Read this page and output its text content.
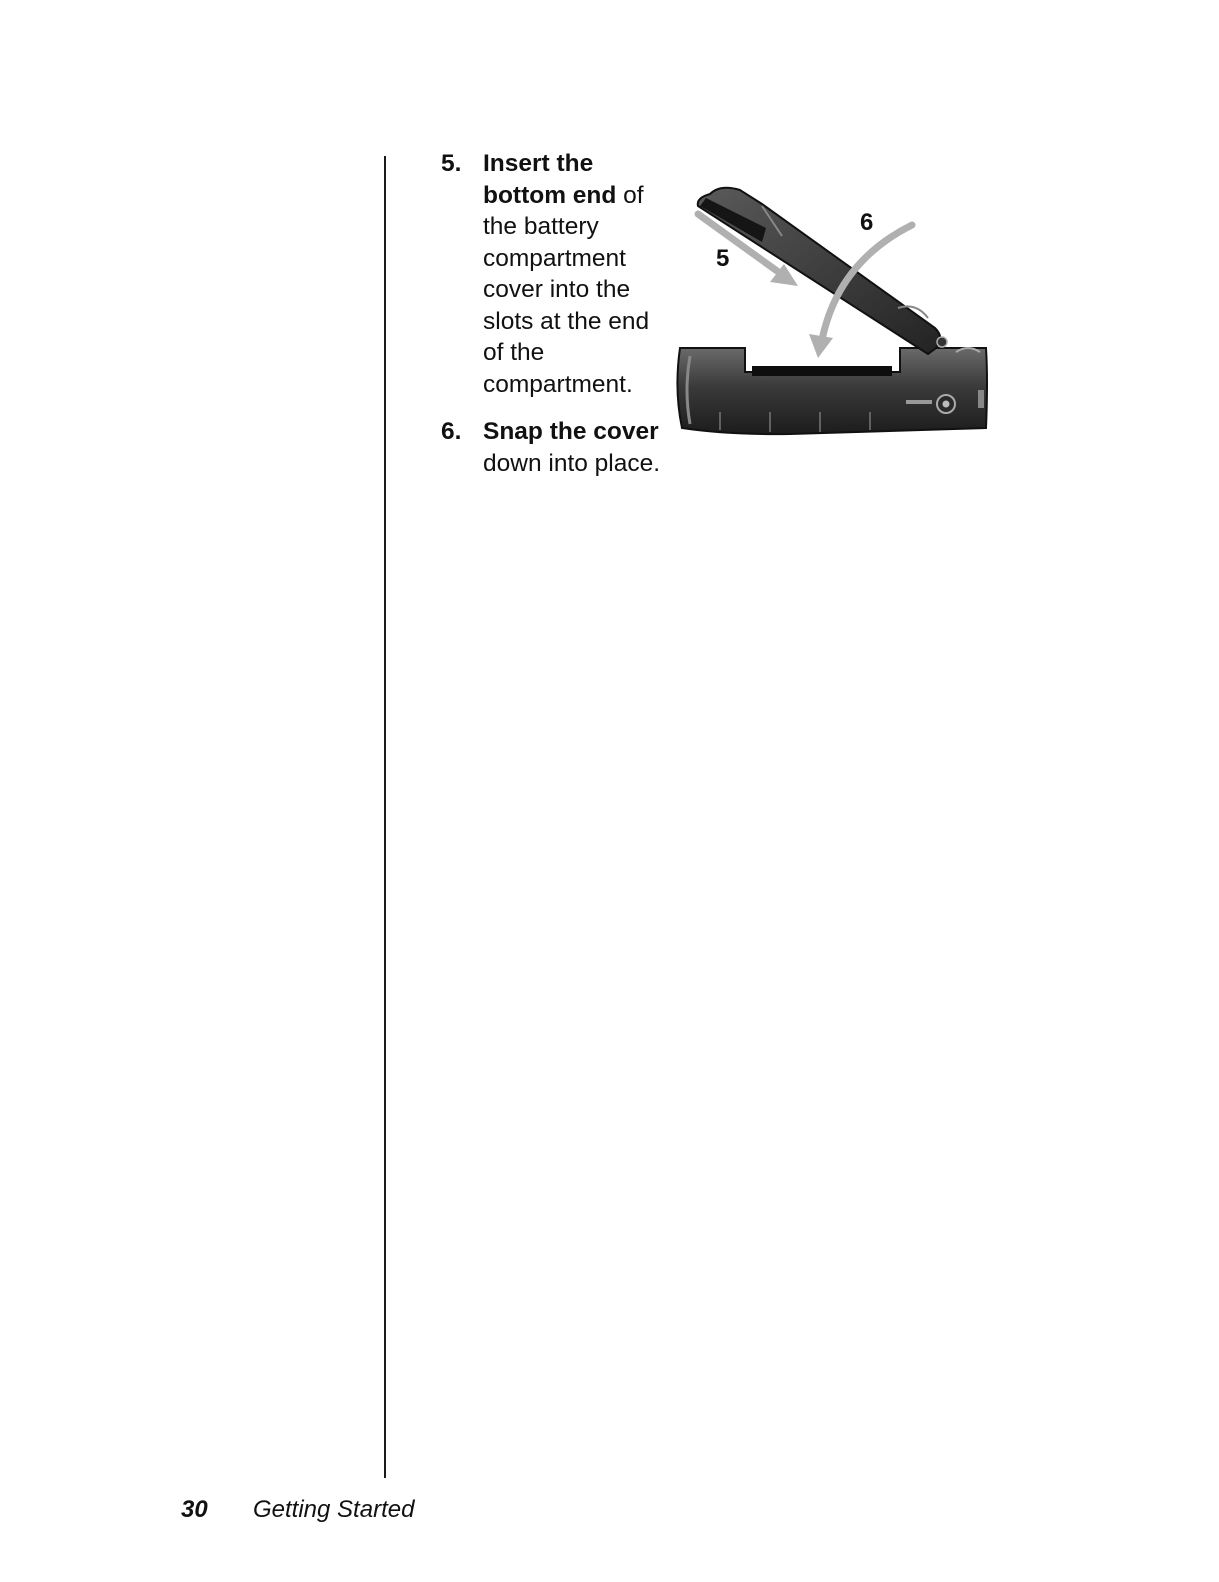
5. Insert the bottom end of the battery compartment cover into the slots at the end of the compartment.
6. Snap the cover down into place.
5
6
30 Getting Started
